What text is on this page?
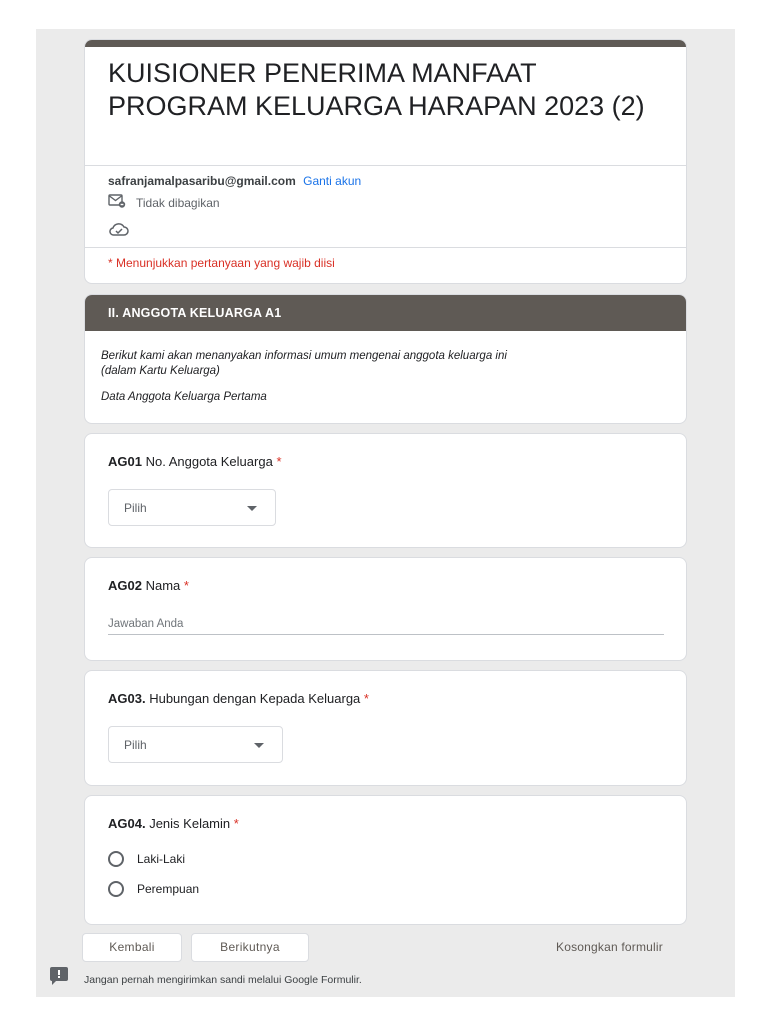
KUISIONER PENERIMA MANFAAT PROGRAM KELUARGA HARAPAN 2023 (2)
safranjamalpasaribu@gmail.com Ganti akun
Tidak dibagikan
* Menunjukkan pertanyaan yang wajib diisi
II. ANGGOTA KELUARGA A1
Berikut kami akan menanyakan informasi umum mengenai anggota keluarga ini (dalam Kartu Keluarga)
Data Anggota Keluarga Pertama
AG01 No. Anggota Keluarga *
Pilih
AG02 Nama *
Jawaban Anda
AG03. Hubungan dengan Kepada Keluarga *
Pilih
AG04. Jenis Kelamin *
Laki-Laki
Perempuan
Kembali	Berikutnya	Kosongkan formulir
Jangan pernah mengirimkan sandi melalui Google Formulir.
